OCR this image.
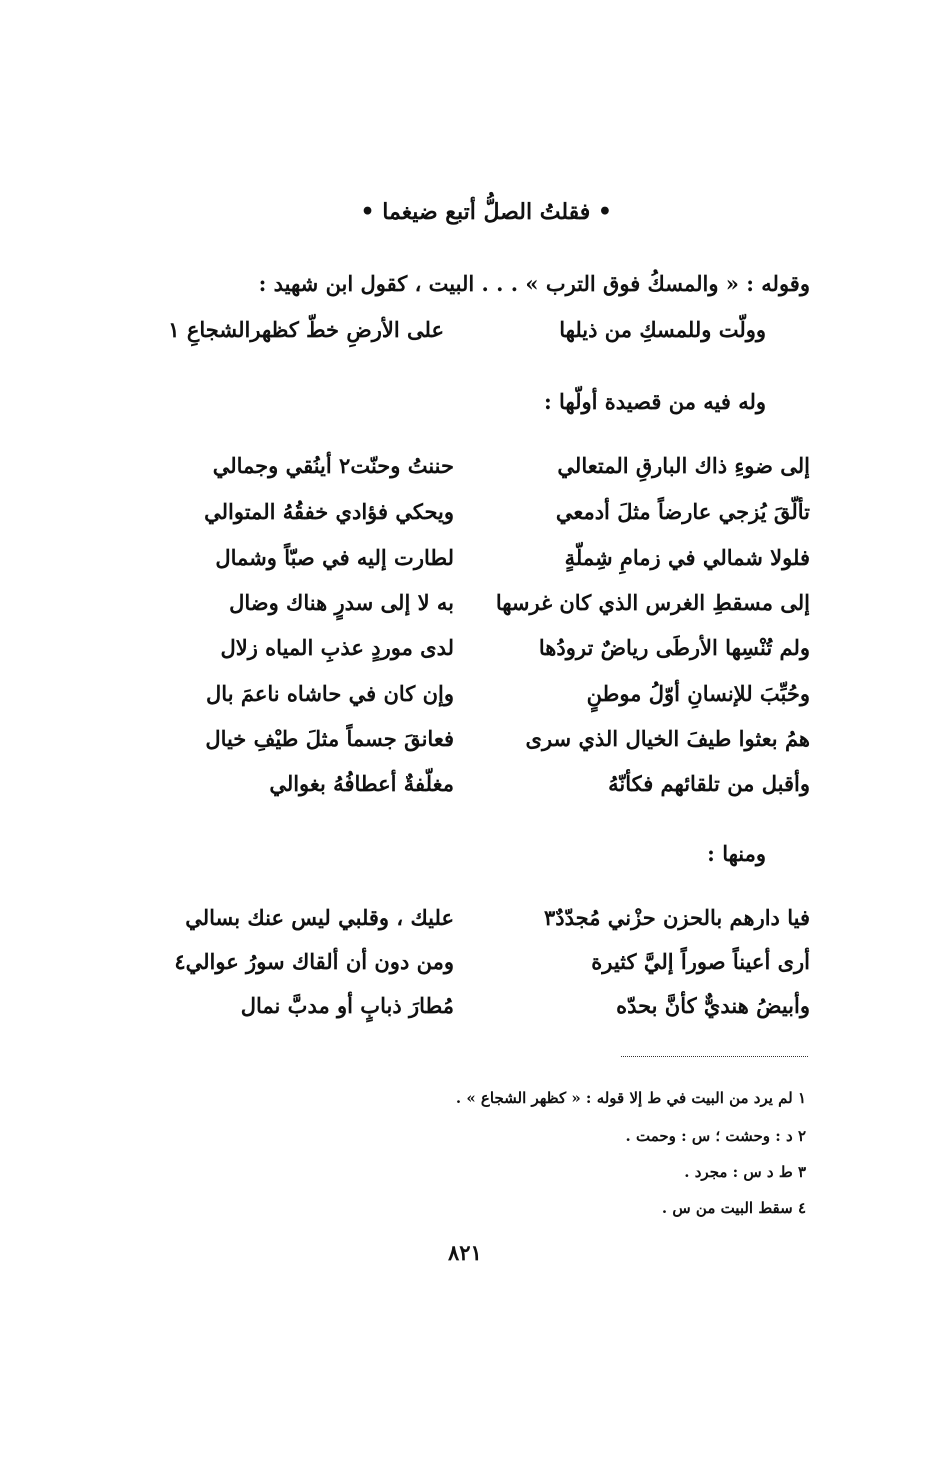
• فقلتُ الصلُّ أتبع ضيغما •
وقوله : « والمسكُ فوق الترب » . . . البيت ، كقول ابن شهيد :
وولّت وللمسكِ من ذيلها
على الأرضِ خطّ كظهرالشجاعِ ١
وله فيه من قصيدة أولّها :
إلى ضوءِ ذاك البارقِ المتعالي
حننتُ وحنّت٢ أينُقي وجمالي
تألّقَ يُزجي عارضاً مثلَ أدمعي
ويحكي فؤادي خفقُهُ المتوالي
فلولا شمالي في زمامِ شِملّةٍ
لطارت إليه في صبّاً وشمال
إلى مسقطِ الغرس الذي كان غرسها
به لا إلى سدرٍ هناك وضال
ولم تُنْسِها الأرطَى رياضٌ ترودُها
لدى موردٍ عذبِ المياه زلال
وحُبِّبَ للإنسانِ أوّلُ موطنٍ
وإن كان في حاشاه ناعمَ بال
همُ بعثوا طيفَ الخيال الذي سرى
فعانقَ جسماً مثلَ طيْفِ خيال
وأقبل من تلقائهم فكأنّهُ
مغلّفةٌ أعطافُهُ بغوالي
ومنها :
فيا دارهم بالحزن حزْني مُجدّدٌ٣
عليك ، وقلبي ليس عنك بسالي
أرى أعيناً صوراً إليَّ كثيرة
ومن دون أن ألقاك سورُ عوالي٤
وأبيضُ هنديٌّ كأنَّ بحدّه
مُطارَ ذبابٍ أو مدبَّ نمال
١ لم يرد من البيت في ط إلا قوله : « كظهر الشجاع » .
٢ د : وحشت ؛ س : وحمت .
٣ ط د س : مجرد .
٤ سقط البيت من س .
٨٢١
